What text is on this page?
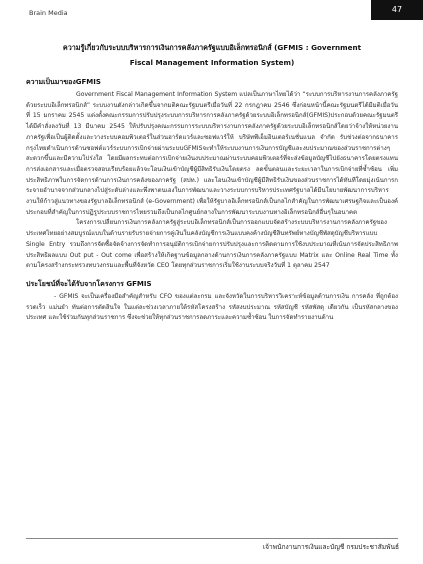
Brain Media	47

ความรู้เกี่ยวกับระบบบริหารการเงินการคลังภาครัฐแบบอิเล็กทรอนิกส์ (GFMIS : Government

Fiscal Management Information System)

ความเป็นมาของGFMIS

Government Fiscal Management Information System แปลเป็นภาษาไทยได้ว่า “ระบบการบริหารงานการคลังภาครัฐด้วยระบบอิเล็กทรอนิกส์” ระบบงานดังกล่าวเกิดขึ้นจากมติคณะรัฐมนตรีเมื่อวันที่ 22 กรกฎาคม 2546 ซึ่งก่อนหน้านี้คณะรัฐมนตรีได้มีมติเมื่อวันที่ 15 มกราคม 2545 แต่งตั้งคณะกรรมการปรับปรุงระบบการบริหารการคลังภาครัฐด้วยระบบอิเล็กทรอนิกส์(GFMIS)ประกอบด้วยคณะรัฐมนตรีได้มีคำสั่งลงวันที่ 13 มีนาคม 2545 ให้ปรับปรุงคณะกรรมการระบบบริหารงานการคลังภาครัฐด้วยระบบอิเล็กทรอนิกส์โดยว่าจ้างให้หน่วยงานภาครัฐเพื่อเป็นผู้ติดตั้งและวางระบบคอมพิวเตอร์ในส่วนฮาร์ดแวร์และซอฟแวร์ให้ บริษัทพีเอ็มอินเตอร์เนชั่นแนล จำกัด รับช่วงต่อจากธนาคารกรุงไทยดำเนินการด้านซอฟต์แวร์ระบบการเบิกจ่ายผ่านระบบGFMISจะทำให้ระบบงานการเงินการบัญชีและงบประมาณของส่วนราชการต่างๆสะดวกขึ้นและมีความโปร่งใส โดยมีผลกระทบต่อการเบิกจ่ายเงินงบประมาณผ่านระบบคอมพิวเตอร์ที่จะส่งข้อมูลบัญชีไปยังธนาคารโดยตรงแทนการส่งเอกสารและเมื่อตรวจสอบเรียบร้อยแล้วจะโอนเงินเข้าบัญชีผู้มีสิทธิรับเงินโดยตรง ลดขั้นตอนและระยะเวลาในการเบิกจ่ายที่ซ้ำซ้อน เพิ่มประสิทธิภาพในการจัดการด้านการเงินการคลังของภาครัฐ (สปท.) และโอนเงินเข้าบัญชีผู้มีสิทธิรับเงินของส่วนราชการได้ทันทีโดยมุ่งเน้นการกระจายอำนาจจากส่วนกลางไปสู่ระดับล่างและพึ่งพาตนเองในการพัฒนาและวางระบบการบริหารประเทศรัฐบาลได้มีนโยบายพัฒนาการบริหารงานให้ก้าวสู่แนวทางของรัฐบาลอิเล็กทรอนิกส์ (e-Government) เพื่อให้รัฐบาลอิเล็กทรอนิกส์เป็นกลไกสำคัญในการพัฒนาเศรษฐกิจและเป็นองค์ประกอบที่สำคัญในการปฏิรูประบบราชการไทยรวมถึงเป็นกลไกศูนย์กลางในการพัฒนาระบบงานทางอิเล็กทรอนิกส์อื่นๆในอนาคต

โครงการเปลี่ยนการเงินการคลังภาครัฐสู่ระบบอิเล็กทรอนิกส์เป็นการออกแบบจัดสร้างระบบบริหารงานการคลังภาครัฐของประเทศไทยอย่างสมบูรณ์แบบในด้านรายรับรายจ่ายการคู่เงินในคลังบัญชีการเงินแบบคงค้างบัญชีสินทรัพย์ทางบัญชีพัสดุบัญชีบริหารแบบ Single Entry รวมถึงการจัดซื้อจัดจ้างการจัดทำการอนุมัติการเบิกจ่ายการปรับปรุงและการติดตามการใช้งบประมาณที่เน้นการจัดประสิทธิภาพประสิทธิผลแบบ Out put - Out come เพื่อสร้างให้เกิดฐานข้อมูลกลางด้านการเงินการคลังภาครัฐแบบ Matrix และ Online Real Time ทั้งตามโครงสร้างกระทรวงทบวงกรมและพื้นที่จังหวัด CEO โดยทุกส่วนราชการเริ่มใช้งานระบบจริงวันที่ 1 ตุลาคม 2547

ประโยชน์ที่จะได้รับจากโครงการ GFMIS

- GFMIS จะเป็นเครื่องมือสำคัญสำหรับ CFO ของแต่ละกรม และจังหวัดในการบริหารวิเคราะห์ข้อมูลด้านการเงิน การคลัง ที่ถูกต้อง รวดเร็ว แม่นยำ ทันต่อการตัดสินใจ ในแต่ละช่วงเวลาภายใต้รหัสโครงสร้าง รหัสงบประมาณ รหัสบัญชี รหัสพัสดุ เดียวกัน เป็นรหัสกลางของประเทศ และใช้ร่วมกันทุกส่วนราชการ ซึ่งจะช่วยให้ทุกส่วนราชการลดภาระและความซ้ำซ้อน ในการจัดทำรายงานด้าน

เจ้าพนักงานการเงินและบัญชี กรมประชาสัมพันธ์
